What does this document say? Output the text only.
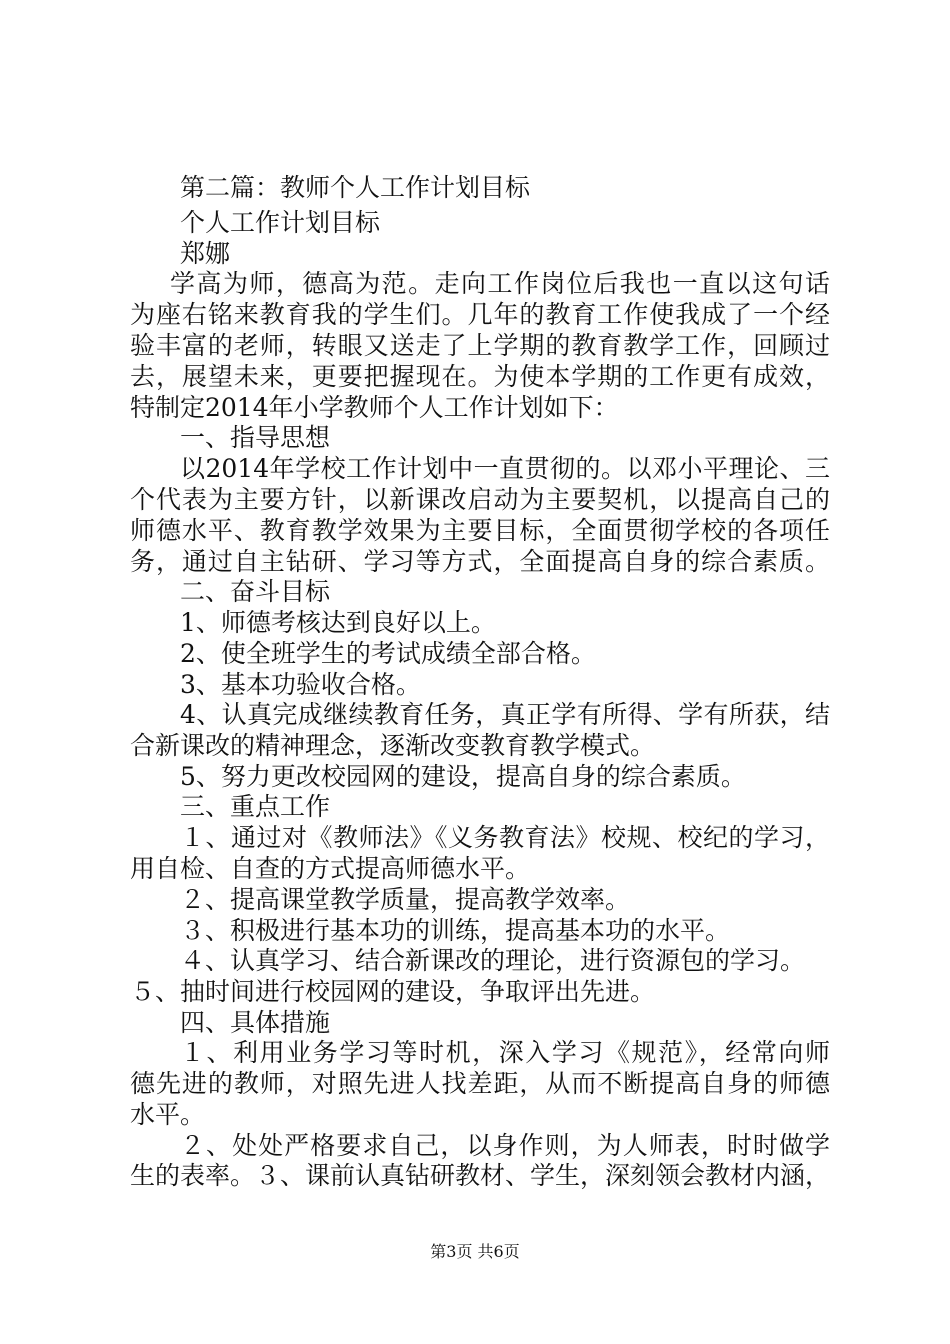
第二篇：教师个人工作计划目标
个人工作计划目标
郑娜
学高为师，德高为范。走向工作岗位后我也一直以这句话
为座右铭来教育我的学生们。几年的教育工作使我成了一个经
验丰富的老师，转眼又送走了上学期的教育教学工作，回顾过
去，展望未来，更要把握现在。为使本学期的工作更有成效，
特制定2014年小学教师个人工作计划如下：
一、指导思想
以2014年学校工作计划中一直贯彻的。以邓小平理论、三
个代表为主要方针，以新课改启动为主要契机，以提高自己的
师德水平、教育教学效果为主要目标，全面贯彻学校的各项任
务，通过自主钻研、学习等方式，全面提高自身的综合素质。
二、奋斗目标
1、师德考核达到良好以上。
2、使全班学生的考试成绩全部合格。
3、基本功验收合格。
4、认真完成继续教育任务，真正学有所得、学有所获，结
合新课改的精神理念，逐渐改变教育教学模式。
5、努力更改校园网的建设，提高自身的综合素质。
三、重点工作
１、通过对《教师法》《义务教育法》校规、校纪的学习，
用自检、自查的方式提高师德水平。
２、提高课堂教学质量，提高教学效率。
３、积极进行基本功的训练，提高基本功的水平。
４、认真学习、结合新课改的理论，进行资源包的学习。
５、抽时间进行校园网的建设，争取评出先进。
四、具体措施
１、利用业务学习等时机，深入学习《规范》，经常向师
德先进的教师，对照先进人找差距，从而不断提高自身的师德
水平。
２、处处严格要求自己，以身作则，为人师表，时时做学
生的表率。３、课前认真钻研教材、学生，深刻领会教材内涵，
第3页 共6页
